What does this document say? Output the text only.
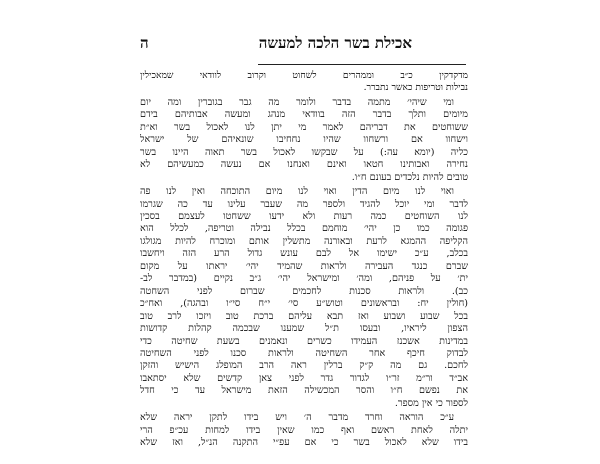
אכילת בשר הלכה למעשה
ה
מדקדקין כ״ב וממהרים לשחוט וקרוב לוודאי שמאכילין
נבילות וטריפות כאשר נתברר.
ומי שיהי׳ מתמה בדבר ולומר מה גבר בגוברין ומה יום
מיומים ותלך בדבר הזה בוודאי מנהג ומעשה אבותיהם בידם
ששוחטים את דבריהם לאמר מי יתן לנו לאכול בשר וא״ת
וישחוו אם ורשחוו שהיו נחחיבו שונאיהם של ישראל
כליה (יומא עה:) על שבקשו לאכול בשר תאוה היינו בשר
נחירה ואבותינו חטאו ואינם ואנחנו אם נעשה כמעשיהם לא
טובים להיות נלכדים בעונם ח״ו.
ואוי לנו מיום הדין ואוי לנו מיום התוכחה ואין לנו פה
לדבר ומי יוכל להגיד ולספר מה שעבר עלינו עד כה שגרמו
לנו השוחטים כמה רעות ולא ידעו ששחטו לעצמם בסכין
פגומה כמו כן יהי׳ מוחמם בכלל נבילה וטריפה, לכלל הוא
הקליפה ההמגא לרעת ובאורנה מתשלין אותם ומוכרח להיות מגולגו
בכלב, ע״כ ישימו אל לבם עונש גדול הרע הזה ויחשבו
שברם כנגד העבירה ולראות שהמיד יהי׳ יראתו על מקום
ית׳ על פניהם, ומה׳ ומישראל יהי׳ ג״ב נקיים (במדבר לב-
כב). ולראות סכנות לחכמים שברום לפני השחטה
(חולין יח: ובראשונים וטוש״ע סי׳ י״ח סי״ו ובהגה), ואח״כ
בכל שבוע ושבוע ואז תבא עליהם ברכת טוב ויזכו לרב טוב
הצפון ליראיו, ובעסו ת״ל שמענו שבכמה קהלות קדושות
במדינות אשכנז העמידו כשרים ונאמנים בשעת שחיטה כדי
לבדוק חיכף אחר השחיטה ולראות סכנו לפני השחיטה
לחכם. גם מה ק״ק ברלין ראה הרב המופלג הישיש והזקן
אב״ד ור״מ זר״ו לגדור גדר לפני צאן קדשים שלא יסתאבו
את נפשם ח״ו והסר המכשילה הזאת מישראל עד כי חדל
לספור כי אין מספר.
ע״כ הוראה וחרד מדבר ה׳ ויש בידו לתקן יראה שלא
יתלה לאחת ראשם ואף כמו שאין בידו למחות עכ״פ הרי
בידו שלא לאכול בשר כי אם עפ״י התקנה הנ״ל, ואז שלא
